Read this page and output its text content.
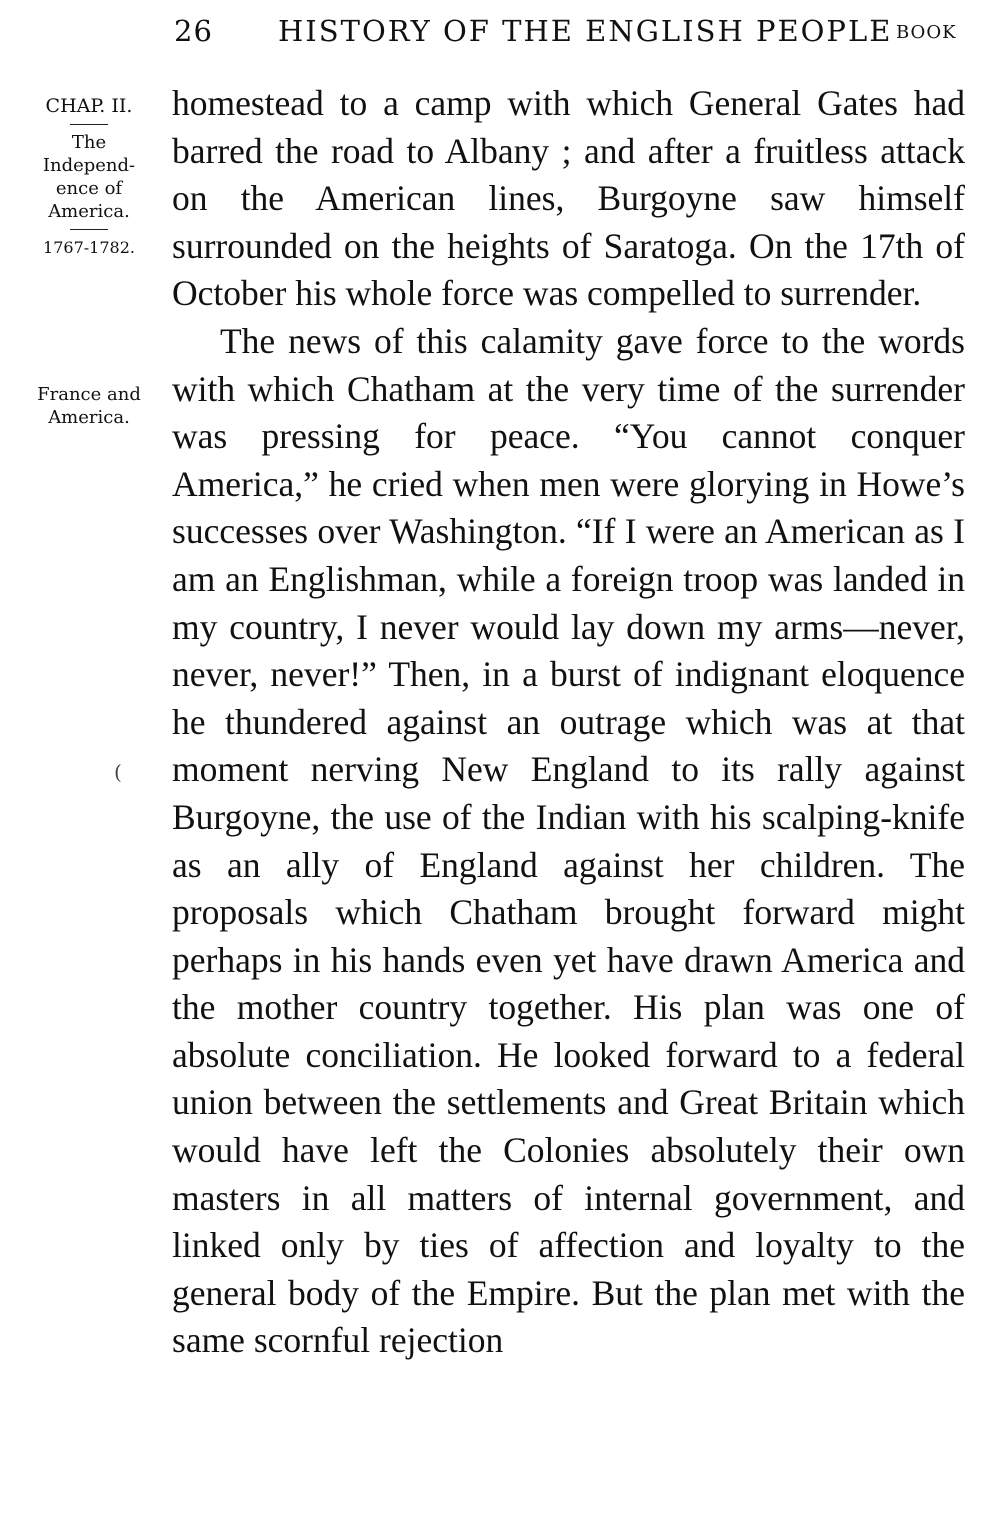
26 HISTORY OF THE ENGLISH PEOPLE BOOK
CHAP. II.
The
Independ-
ence of
America.
1767-1782.
France and
America.
(

homestead to a camp with which General Gates had barred the road to Albany ; and after a fruitless attack on the American lines, Burgoyne saw himself surrounded on the heights of Saratoga. On the 17th of October his whole force was compelled to surrender.

The news of this calamity gave force to the words with which Chatham at the very time of the surrender was pressing for peace. “You cannot conquer America,” he cried when men were glorying in Howe’s successes over Washington. “If I were an American as I am an Englishman, while a foreign troop was landed in my country, I never would lay down my arms—never, never, never!” Then, in a burst of indignant eloquence he thundered against an outrage which was at that moment nerving New England to its rally against Burgoyne, the use of the Indian with his scalping-knife as an ally of England against her children. The proposals which Chatham brought forward might perhaps in his hands even yet have drawn America and the mother country together. His plan was one of absolute conciliation. He looked forward to a federal union between the settlements and Great Britain which would have left the Colonies absolutely their own masters in all matters of internal government, and linked only by ties of affection and loyalty to the general body of the Empire. But the plan met with the same scornful rejection
